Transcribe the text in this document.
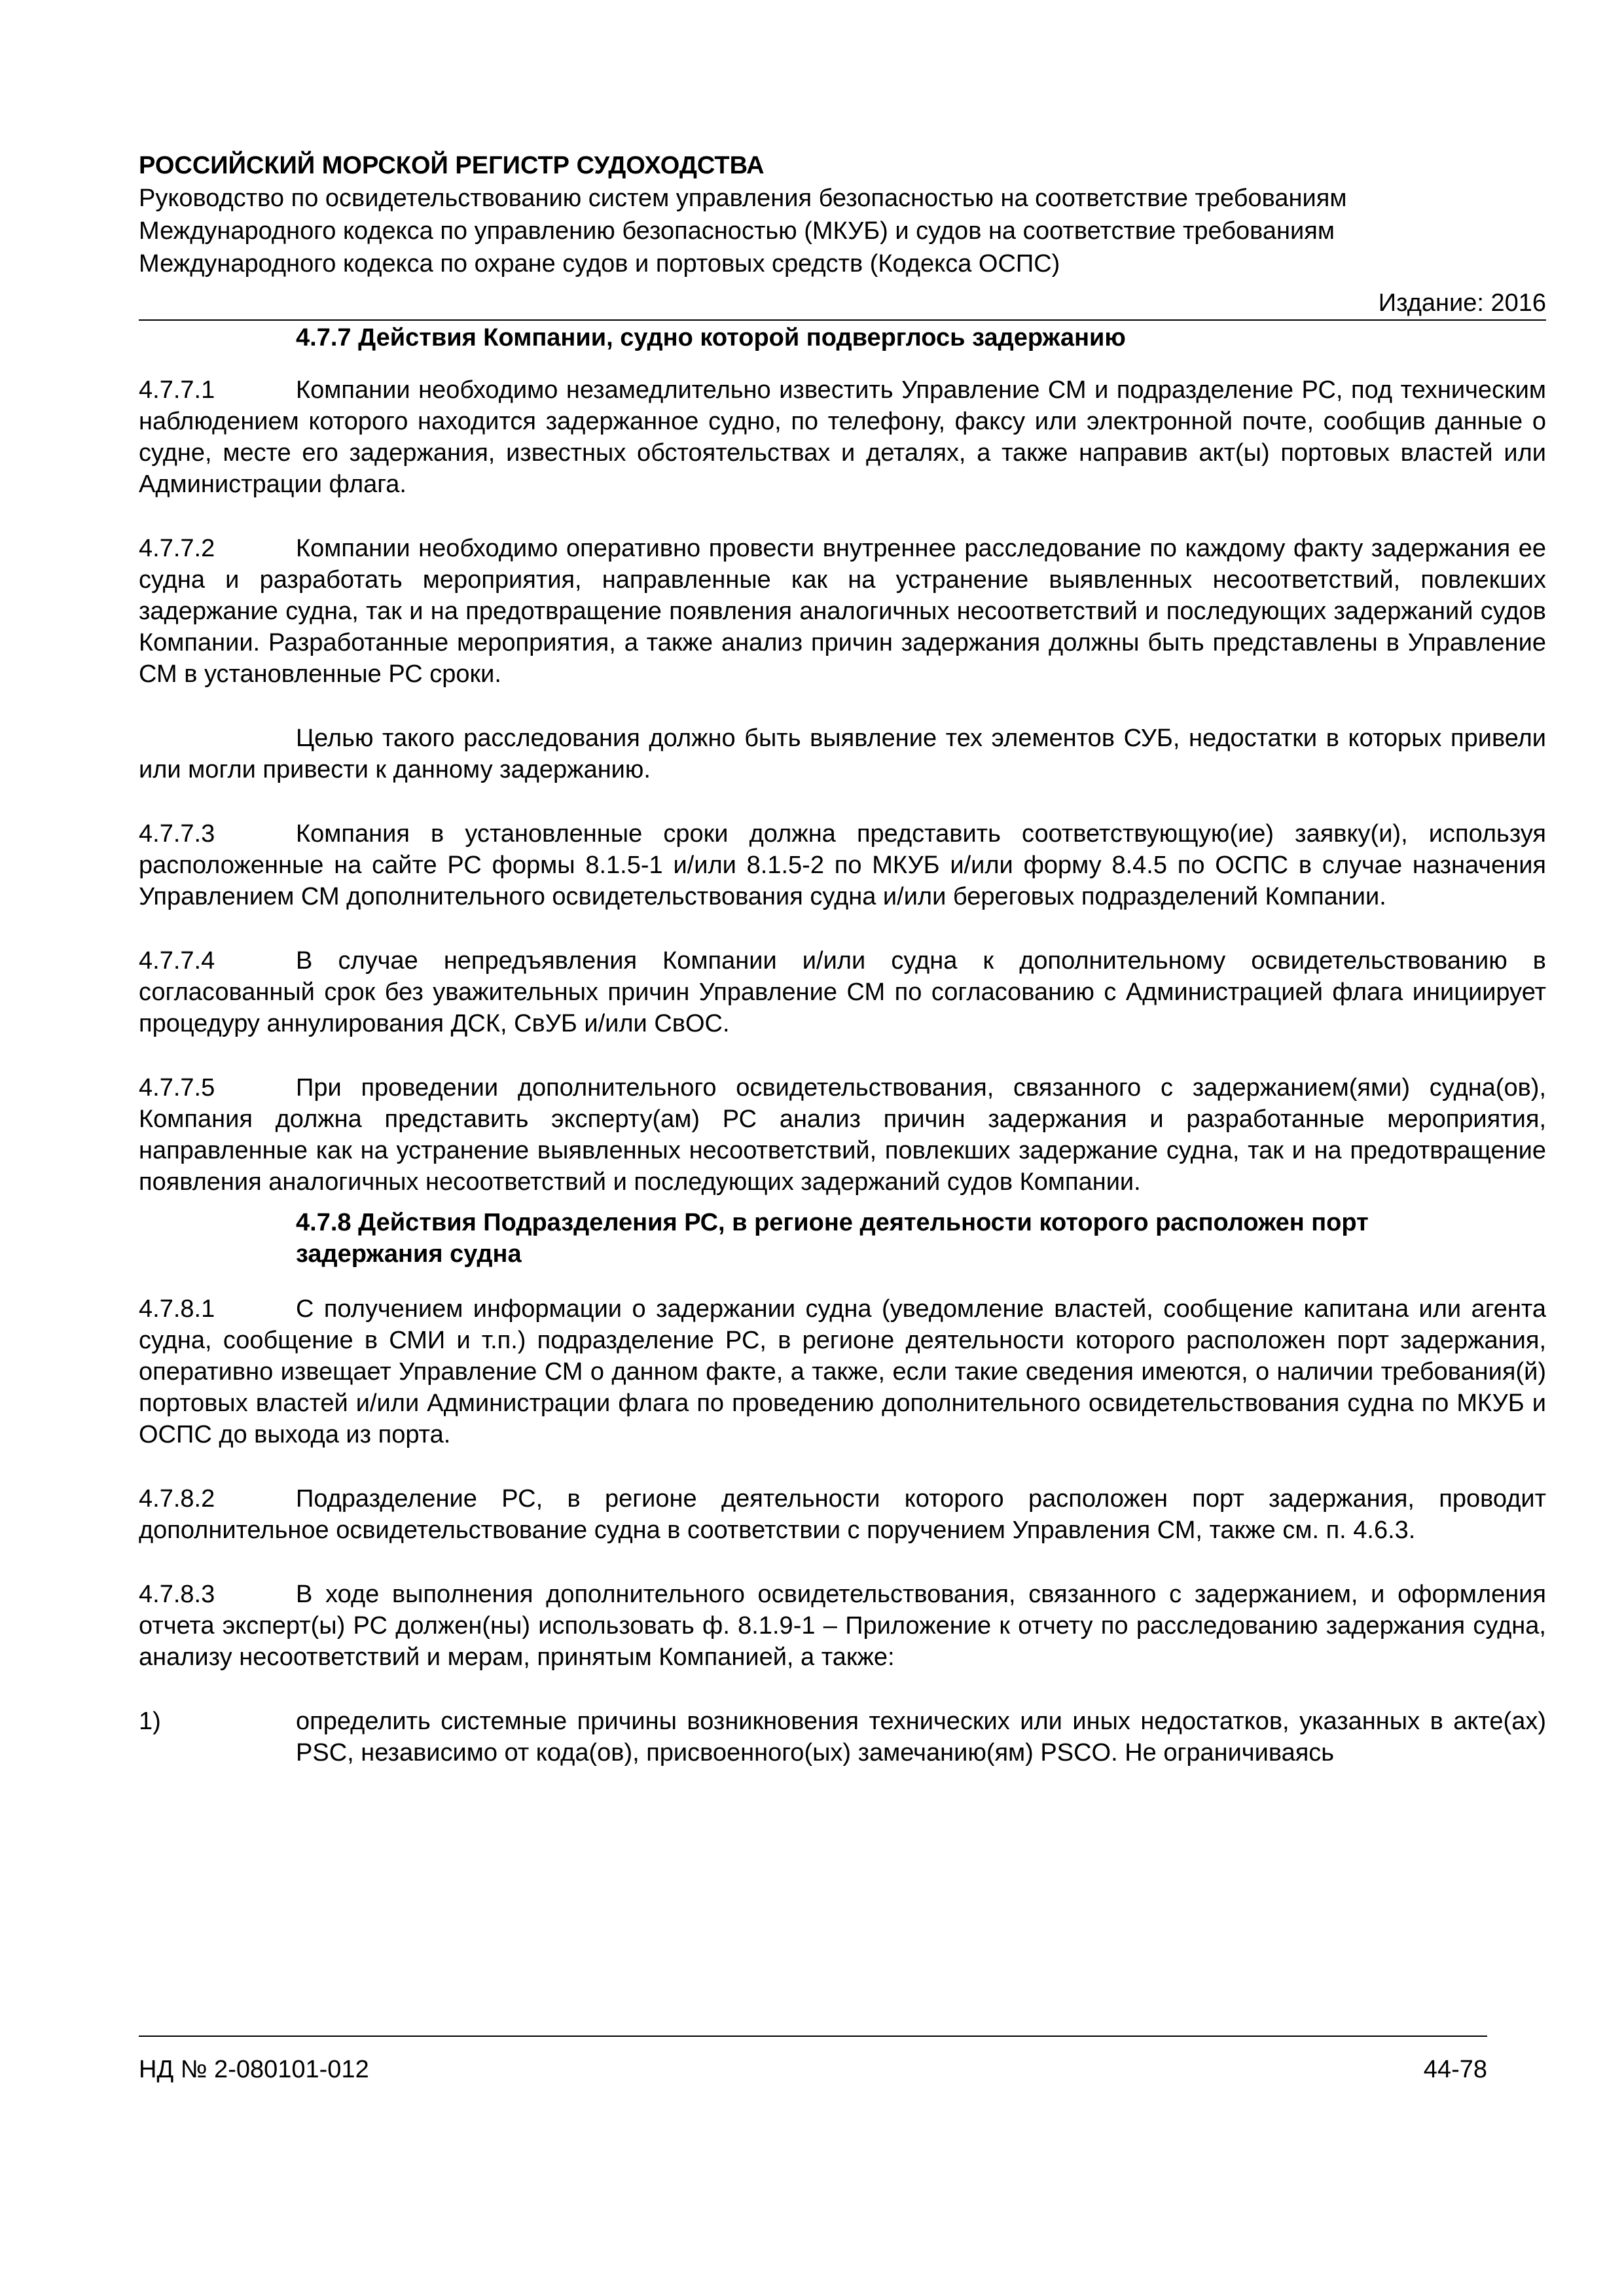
РОССИЙСКИЙ МОРСКОЙ РЕГИСТР СУДОХОДСТВА

Руководство по освидетельствованию систем управления безопасностью на соответствие требованиям

Международного кодекса по управлению безопасностью (МКУБ) и судов на соответствие требованиям

Международного кодекса по охране судов и портовых средств (Кодекса ОСПС)

Издание: 2016

4.7.7 Действия Компании, судно которой подверглось задержанию

4.7.7.1	Компании необходимо незамедлительно известить Управление СМ и подразделение РС, под техническим наблюдением которого находится задержанное судно, по телефону, факсу или электронной почте, сообщив данные о судне, месте его задержания, известных обстоятельствах и деталях, а также направив акт(ы) портовых властей или Администрации флага.

4.7.7.2	Компании необходимо оперативно провести внутреннее расследование по каждому факту задержания ее судна и разработать мероприятия, направленные как на устранение выявленных несоответствий, повлекших задержание судна, так и на предотвращение появления аналогичных несоответствий и последующих задержаний судов Компании. Разработанные мероприятия, а также анализ причин задержания должны быть представлены в Управление СМ в установленные РС сроки.

Целью такого расследования должно быть выявление тех элементов СУБ, недостатки в которых привели или могли привести к данному задержанию.

4.7.7.3	Компания в установленные сроки должна представить соответствующую(ие) заявку(и), используя расположенные на сайте РС формы 8.1.5-1 и/или 8.1.5-2 по МКУБ и/или форму 8.4.5 по ОСПС в случае назначения Управлением СМ дополнительного освидетельствования судна и/или береговых подразделений Компании.

4.7.7.4	В случае непредъявления Компании и/или судна к дополнительному освидетельствованию в согласованный срок без уважительных причин Управление СМ по согласованию с Администрацией флага инициирует процедуру аннулирования ДСК, СвУБ и/или СвОС.

4.7.7.5	При проведении дополнительного освидетельствования, связанного с задержанием(ями) судна(ов), Компания должна представить эксперту(ам) РС анализ причин задержания и разработанные мероприятия, направленные как на устранение выявленных несоответствий, повлекших задержание судна, так и на предотвращение появления аналогичных несоответствий и последующих задержаний судов Компании.

4.7.8 Действия Подразделения РС, в регионе деятельности которого расположен порт задержания судна

4.7.8.1	С получением информации о задержании судна (уведомление властей, сообщение капитана или агента судна, сообщение в СМИ и т.п.) подразделение РС, в регионе деятельности которого расположен порт задержания, оперативно извещает Управление СМ о данном факте, а также, если такие сведения имеются, о наличии требования(й) портовых властей и/или Администрации флага по проведению дополнительного освидетельствования судна по МКУБ и ОСПС до выхода из порта.

4.7.8.2	Подразделение РС, в регионе деятельности которого расположен порт задержания, проводит дополнительное освидетельствование судна в соответствии с поручением Управления СМ, также см. п. 4.6.3.

4.7.8.3	В ходе выполнения дополнительного освидетельствования, связанного с задержанием, и оформления отчета эксперт(ы) РС должен(ны) использовать ф. 8.1.9-1 – Приложение к отчету по расследованию задержания судна, анализу несоответствий и мерам, принятым Компанией, а также:

1)	определить системные причины возникновения технических или иных недостатков, указанных в акте(ах) PSC, независимо от кода(ов), присвоенного(ых) замечанию(ям) PSCO. Не ограничиваясь

НД № 2-080101-012	44-78
